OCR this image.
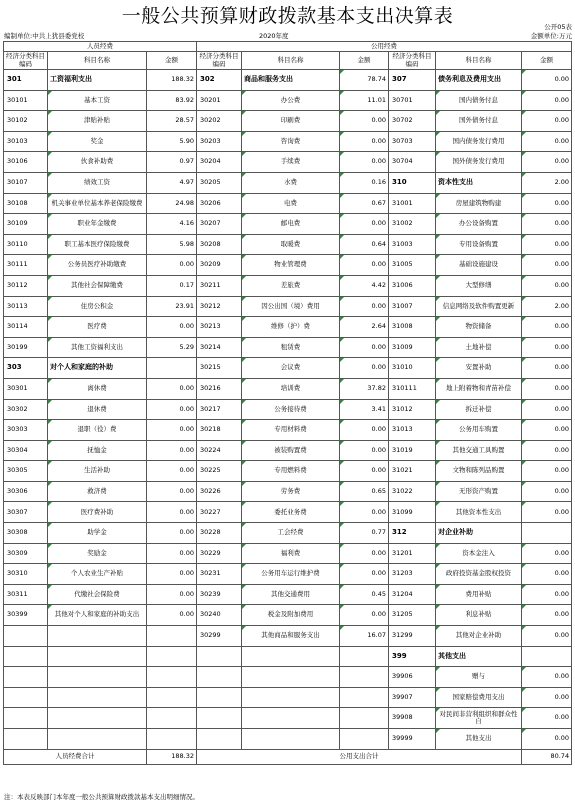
一般公共预算财政拨款基本支出决算表	公开05表
编制单位:中共上犹县委党校	2020年度	金额单位:万元
人员经费			公用经费					
经济分类科目编码	科目名称	金额	经济分类科目编码	科目名称	金额	经济分类科目编码	科目名称	金额
301	工资福利支出	188.32	302	商品和服务支出	78.74	307	债务利息及费用支出	0.00
30101	基本工资	83.92	30201	办公费	11.01	30701	国内债务付息	0.00
30102	津贴补贴	28.57	30202	印刷费	0.00	30702	国外债务付息	0.00
30103	奖金	5.90	30203	咨询费	0.00	30703	国内债务发行费用	0.00
30106	伙食补助费	0.97	30204	手续费	0.00	30704	国外债务发行费用	0.00
30107	绩效工资	4.97	30205	水费	0.16	310	资本性支出	2.00
30108	机关事业单位基本养老保险缴费	24.98	30206	电费	0.67	31001	房屋建筑物购建	0.00
30109	职业年金缴费	4.16	30207	邮电费	0.00	31002	办公设备购置	0.00
30110	职工基本医疗保险缴费	5.98	30208	取暖费	0.64	31003	专用设备购置	0.00
30111	公务员医疗补助缴费	0.00	30209	物业管理费	0.00	31005	基础设施建设	0.00
30112	其他社会保障缴费	0.17	30211	差旅费	4.42	31006	大型修缮	0.00
30113	住房公积金	23.91	30212	因公出国（境）费用	0.00	31007	信息网络及软件购置更新	2.00
30114	医疗费	0.00	30213	维修（护）费	2.64	31008	物资储备	0.00
30199	其他工资福利支出	5.29	30214	租赁费	0.00	31009	土地补偿	0.00
303	对个人和家庭的补助		30215	会议费	0.00	31010	安置补助	0.00
30301	离休费	0.00	30216	培训费	37.82	310111	地上附着物和青苗补偿	0.00
30302	退休费	0.00	30217	公务接待费	3.41	31012	拆迁补偿	0.00
30303	退职（役）费	0.00	30218	专用材料费	0.00	31013	公务用车购置	0.00
30304	抚恤金	0.00	30224	被装购置费	0.00	31019	其他交通工具购置	0.00
30305	生活补助	0.00	30225	专用燃料费	0.00	31021	文物和陈列品购置	0.00
30306	救济费	0.00	30226	劳务费	0.65	31022	无形资产购置	0.00
30307	医疗费补助	0.00	30227	委托业务费	0.00	31099	其他资本性支出	0.00
30308	助学金	0.00	30228	工会经费	0.77	312	对企业补助	
30309	奖励金	0.00	30229	福利费	0.00	31201	资本金注入	0.00
30310	个人农业生产补贴	0.00	30231	公务用车运行维护费	0.00	31203	政府投资基金股权投资	0.00
30311	代缴社会保险费	0.00	30239	其他交通费用	0.45	31204	费用补贴	0.00
30399	其他对个人和家庭的补助支出	0.00	30240	税金及附加费用	0.00	31205	利息补贴	0.00
			30299	其他商品和服务支出	16.07	31299	其他对企业补助	0.00
						399	其他支出	
						39906	赠与	0.00
						39907	国家赔偿费用支出	0.00
						39908	对民间非营利组织和群众性自	0.00
						39999	其他支出	0.00
人员经费合计		188.32	公用支出合计					80.74
注：本表反映部门本年度一般公共预算财政拨款基本支出明细情况。
